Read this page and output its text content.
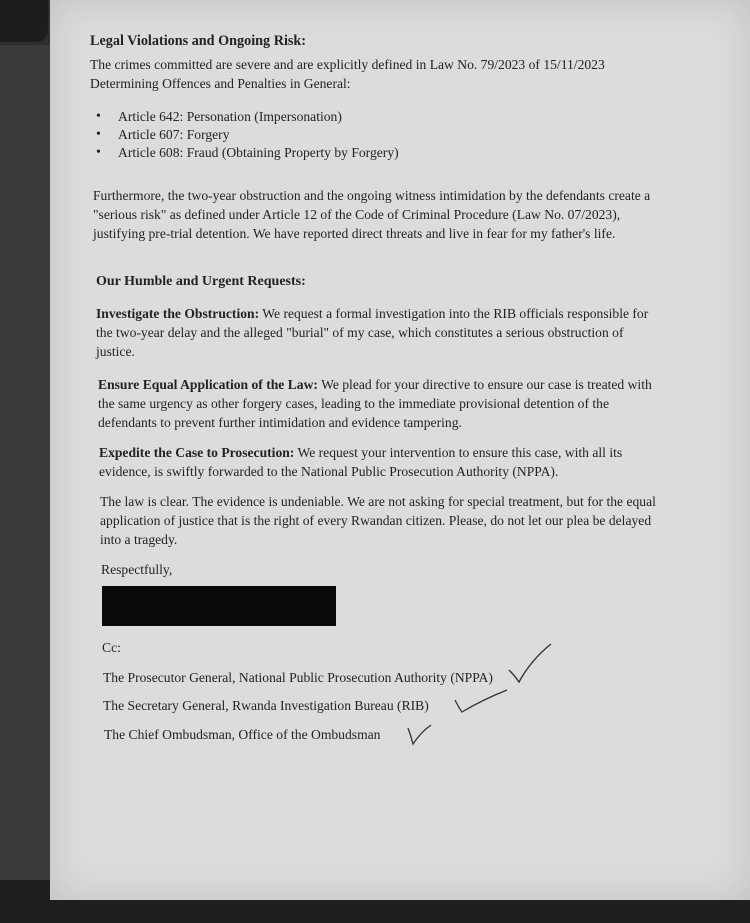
Legal Violations and Ongoing Risk:

The crimes committed are severe and are explicitly defined in Law No. 79/2023 of 15/11/2023 Determining Offences and Penalties in General:

• Article 642: Personation (Impersonation)
• Article 607: Forgery
• Article 608: Fraud (Obtaining Property by Forgery)

Furthermore, the two-year obstruction and the ongoing witness intimidation by the defendants create a "serious risk" as defined under Article 12 of the Code of Criminal Procedure (Law No. 07/2023), justifying pre-trial detention. We have reported direct threats and live in fear for my father's life.

Our Humble and Urgent Requests:

Investigate the Obstruction: We request a formal investigation into the RIB officials responsible for the two-year delay and the alleged "burial" of my case, which constitutes a serious obstruction of justice.

Ensure Equal Application of the Law: We plead for your directive to ensure our case is treated with the same urgency as other forgery cases, leading to the immediate provisional detention of the defendants to prevent further intimidation and evidence tampering.

Expedite the Case to Prosecution: We request your intervention to ensure this case, with all its evidence, is swiftly forwarded to the National Public Prosecution Authority (NPPA).

The law is clear. The evidence is undeniable. We are not asking for special treatment, but for the equal application of justice that is the right of every Rwandan citizen. Please, do not let our plea be delayed into a tragedy.

Respectfully,

Cc:

The Prosecutor General, National Public Prosecution Authority (NPPA)

The Secretary General, Rwanda Investigation Bureau (RIB)

The Chief Ombudsman, Office of the Ombudsman
